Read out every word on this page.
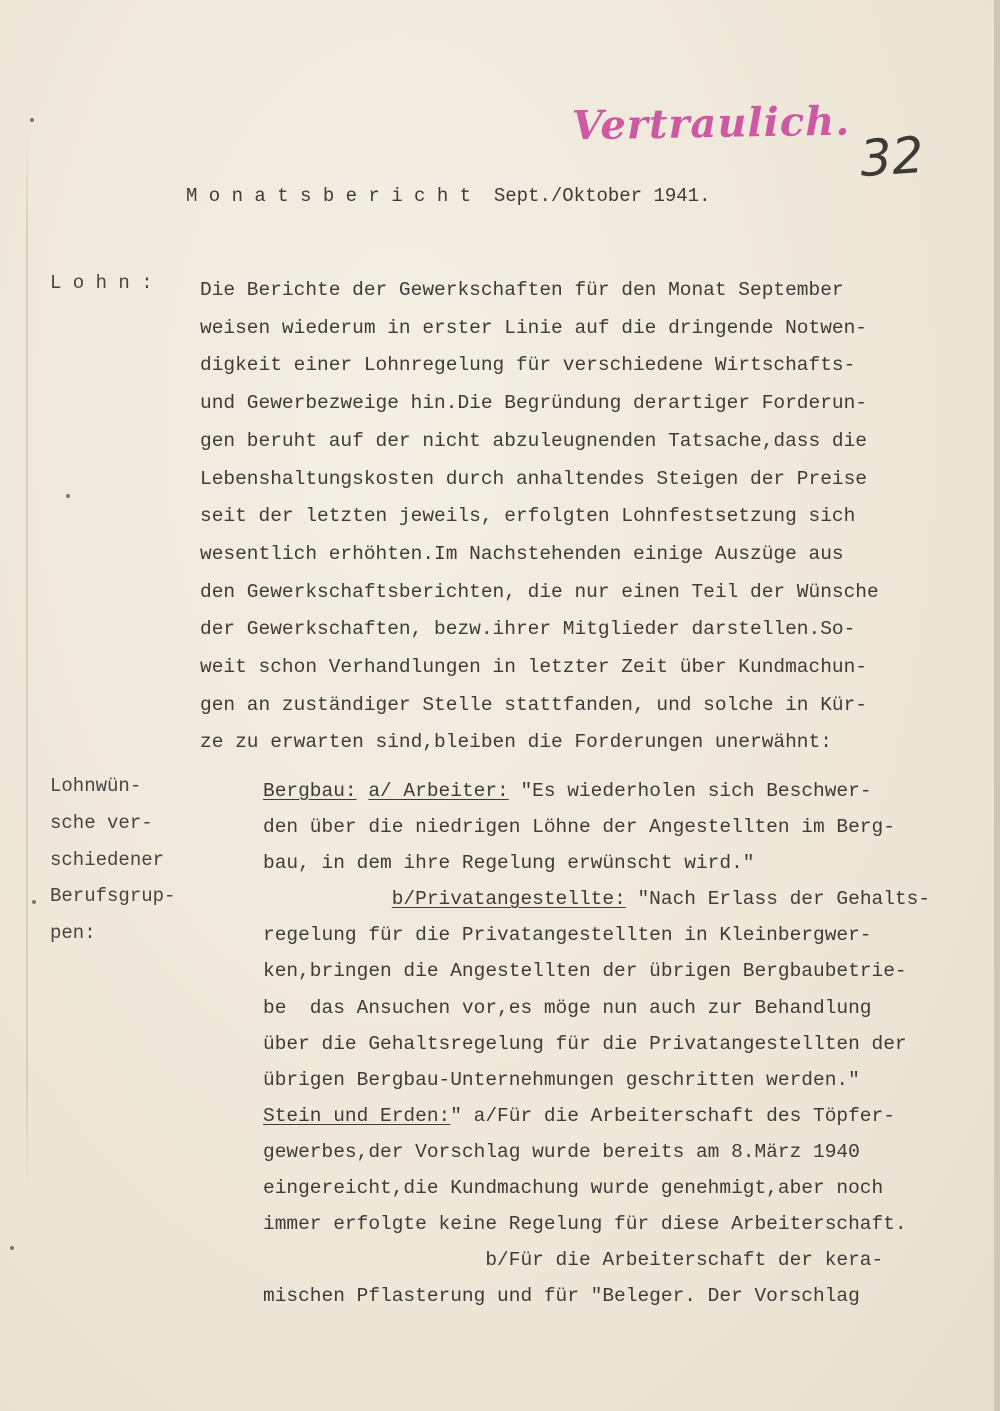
Vertraulich.
32
M o n a t s b e r i c h t  Sept./Oktober 1941.
L o h n :
Lohnwün-
sche ver-
schiedener
Berufsgrup-
pen:
Die Berichte der Gewerkschaften für den Monat September
weisen wiederum in erster Linie auf die dringende Notwen-
digkeit einer Lohnregelung für verschiedene Wirtschafts-
und Gewerbezweige hin.Die Begründung derartiger Forderun-
gen beruht auf der nicht abzuleugnenden Tatsache,dass die
Lebenshaltungskosten durch anhaltendes Steigen der Preise
seit der letzten jeweils, erfolgten Lohnfestsetzung sich
wesentlich erhöhten.Im Nachstehenden einige Auszüge aus
den Gewerkschaftsberichten, die nur einen Teil der Wünsche
der Gewerkschaften, bezw.ihrer Mitglieder darstellen.So-
weit schon Verhandlungen in letzter Zeit über Kundmachun-
gen an zuständiger Stelle stattfanden, und solche in Kür-
ze zu erwarten sind,bleiben die Forderungen unerwähnt:
Bergbau: a/ Arbeiter: "Es wiederholen sich Beschwer-
den über die niedrigen Löhne der Angestellten im Berg-
bau, in dem ihre Regelung erwünscht wird."
b/Privatangestellte: "Nach Erlass der Gehalts-
regelung für die Privatangestellten in Kleinbergwer-
ken,bringen die Angestellten der übrigen Bergbaubetrie-
be  das Ansuchen vor,es möge nun auch zur Behandlung
über die Gehaltsregelung für die Privatangestellten der
übrigen Bergbau-Unternehmungen geschritten werden."
Stein und Erden:" a/Für die Arbeiterschaft des Töpfer-
gewerbes,der Vorschlag wurde bereits am 8.März 1940
eingereicht,die Kundmachung wurde genehmigt,aber noch
immer erfolgte keine Regelung für diese Arbeiterschaft.
b/Für die Arbeiterschaft der kera-
mischen Pflasterung und für "Beleger. Der Vorschlag
